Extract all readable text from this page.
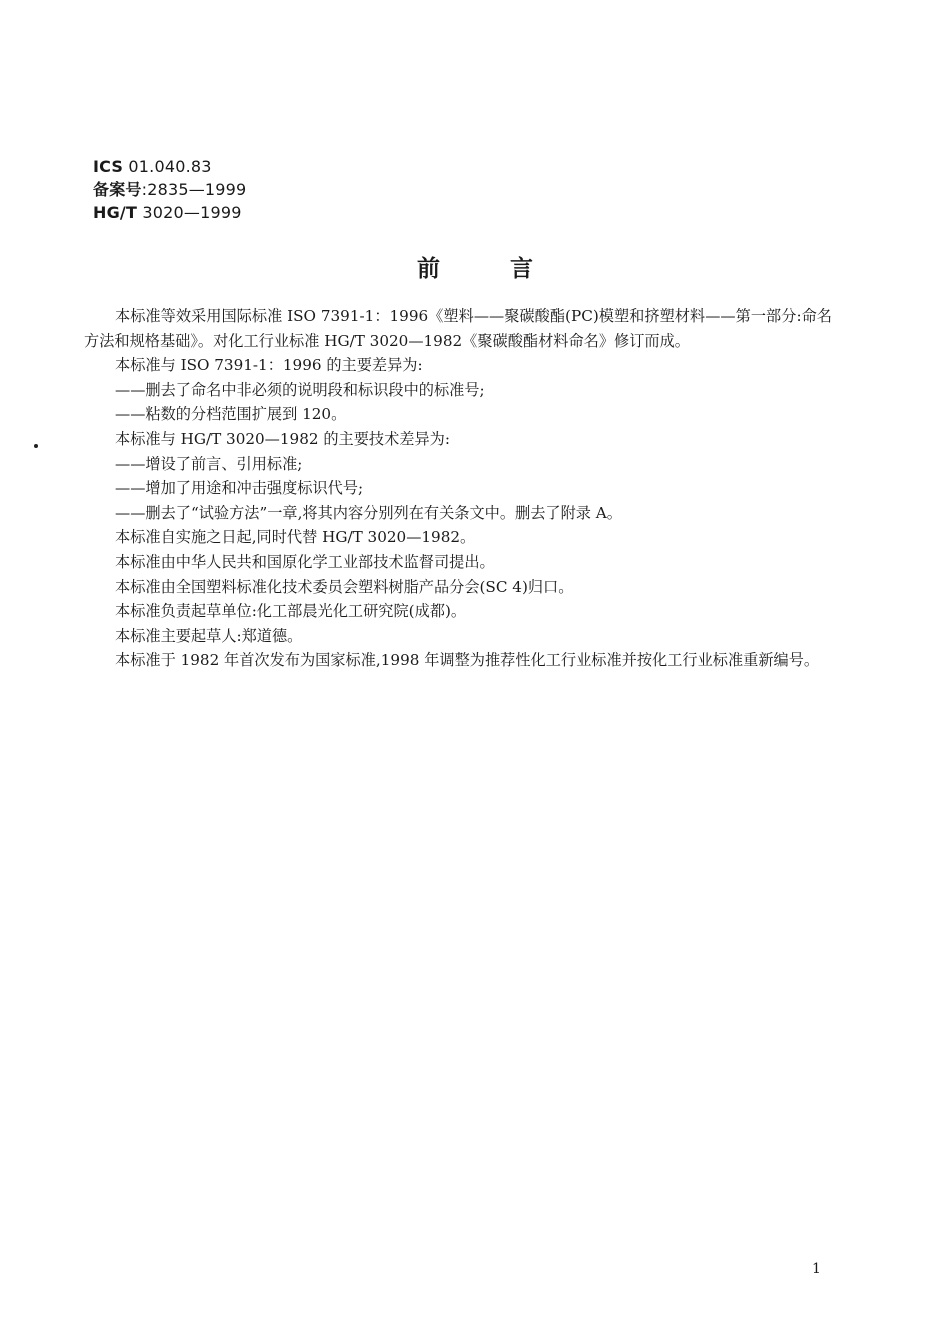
ICS 01.040.83
备案号:2835—1999
HG/T 3020—1999
前言

本标准等效采用国际标准 ISO 7391-1：1996《塑料——聚碳酸酯(PC)模塑和挤塑材料——第一部分:命名方法和规格基础》。对化工行业标准 HG/T 3020—1982《聚碳酸酯材料命名》修订而成。

本标准与 ISO 7391-1：1996 的主要差异为:

——删去了命名中非必须的说明段和标识段中的标准号;

——粘数的分档范围扩展到 120。

本标准与 HG/T 3020—1982 的主要技术差异为:

——增设了前言、引用标准;

——增加了用途和冲击强度标识代号;

——删去了“试验方法”一章,将其内容分别列在有关条文中。删去了附录 A。

本标准自实施之日起,同时代替 HG/T 3020—1982。

本标准由中华人民共和国原化学工业部技术监督司提出。

本标准由全国塑料标准化技术委员会塑料树脂产品分会(SC 4)归口。

本标准负责起草单位:化工部晨光化工研究院(成都)。

本标准主要起草人:郑道德。

本标准于 1982 年首次发布为国家标准,1998 年调整为推荐性化工行业标准并按化工行业标准重新编号。

1
